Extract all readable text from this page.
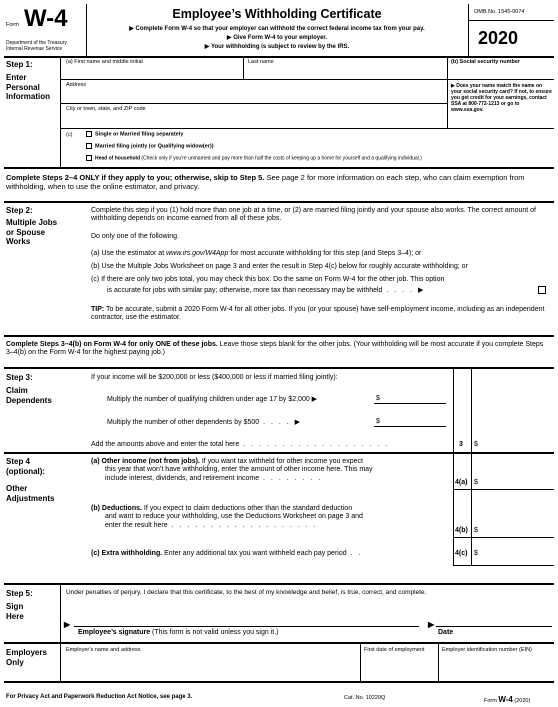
Form W-4
Department of the Treasury
Internal Revenue Service
Employee’s Withholding Certificate
▶ Complete Form W-4 so that your employer can withhold the correct federal income tax from your pay.
▶ Give Form W-4 to your employer.
▶ Your withholding is subject to review by the IRS.
OMB No. 1545-0074
2020
Step 1:
Enter
Personal
Information
(a) First name and middle initial	Last name	(b) Social security number
Address	▶ Does your name match the name on your social security card? If not, to ensure you get credit for your earnings, contact SSA at 800-772-1213 or go to www.ssa.gov.
City or town, state, and ZIP code
(c)	Single or Married filing separately
Married filing jointly (or Qualifying widow(er))
Head of household (Check only if you’re unmarried and pay more than half the costs of keeping up a home for yourself and a qualifying individual.)
Complete Steps 2–4 ONLY if they apply to you; otherwise, skip to Step 5. See page 2 for more information on each step, who can claim exemption from withholding, when to use the online estimator, and privacy.
Step 2:
Multiple Jobs
or Spouse
Works
Complete this step if you (1) hold more than one job at a time, or (2) are married filing jointly and your spouse also works. The correct amount of withholding depends on income earned from all of these jobs.
Do only one of the following.
(a) Use the estimator at www.irs.gov/W4App for most accurate withholding for this step (and Steps 3–4); or
(b) Use the Multiple Jobs Worksheet on page 3 and enter the result in Step 4(c) below for roughly accurate withholding; or
(c) If there are only two jobs total, you may check this box. Do the same on Form W-4 for the other job. This option
is accurate for jobs with similar pay; otherwise, more tax than necessary may be withheld . . . . ▶
TIP: To be accurate, submit a 2020 Form W-4 for all other jobs. If you (or your spouse) have self-employment income, including as an independent contractor, use the estimator.
Complete Steps 3–4(b) on Form W-4 for only ONE of these jobs. Leave those steps blank for the other jobs. (Your withholding will be most accurate if you complete Steps 3–4(b) on the Form W-4 for the highest paying job.)
Step 3:
Claim
Dependents
If your income will be $200,000 or less ($400,000 or less if married filing jointly):
Multiply the number of qualifying children under age 17 by $2,000 ▶	$
Multiply the number of other dependents by $500 . . . . ▶	$
Add the amounts above and enter the total here . . . . . . . . . . . . . . . . . . .	3 $
Step 4
(optional):
Other
Adjustments
(a) Other income (not from jobs). If you want tax withheld for other income you expect
this year that won’t have withholding, enter the amount of other income here. This may
include interest, dividends, and retirement income . . . . . . . .
4(a) $
(b) Deductions. If you expect to claim deductions other than the standard deduction
and want to reduce your withholding, use the Deductions Worksheet on page 3 and
enter the result here . . . . . . . . . . . . . . . . . . .
4(b) $
(c) Extra withholding. Enter any additional tax you want withheld each pay period . .	4(c) $
Step 5:
Sign
Here
Under penalties of perjury, I declare that this certificate, to the best of my knowledge and belief, is true, correct, and complete.
▶
Employee’s signature (This form is not valid unless you sign it.)
▶
Date
Employers
Only
Employer’s name and address	First date of employment	Employer identification number (EIN)
For Privacy Act and Paperwork Reduction Act Notice, see page 3.	Cat. No. 10220Q	Form W-4 (2020)
